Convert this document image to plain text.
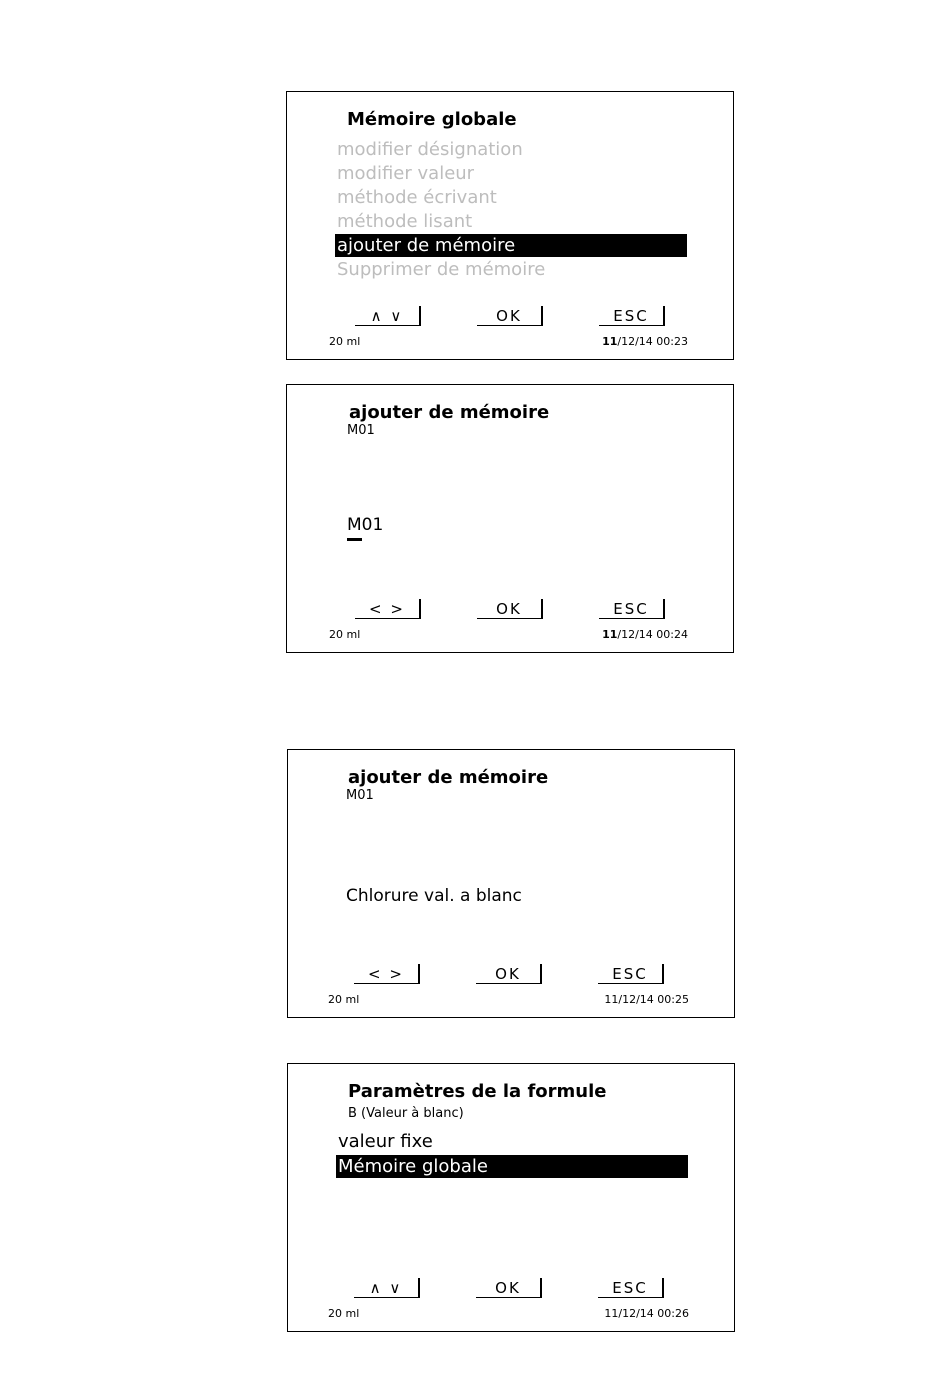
Mémoire globale
modifier désignation
modifier valeur
méthode écrivant
méthode lisant
ajouter de mémoire
Supprimer de mémoire
∧ ∨	OK	ESC
20 ml	11/12/14 00:23
ajouter de mémoire
M01
M01
< >	OK	ESC
20 ml	11/12/14 00:24
ajouter de mémoire
M01
Chlorure val. a blanc
< >	OK	ESC
20 ml	11/12/14 00:25
Paramètres de la formule
B (Valeur à blanc)
valeur fixe
Mémoire globale
∧ ∨	OK	ESC
20 ml	11/12/14 00:26
